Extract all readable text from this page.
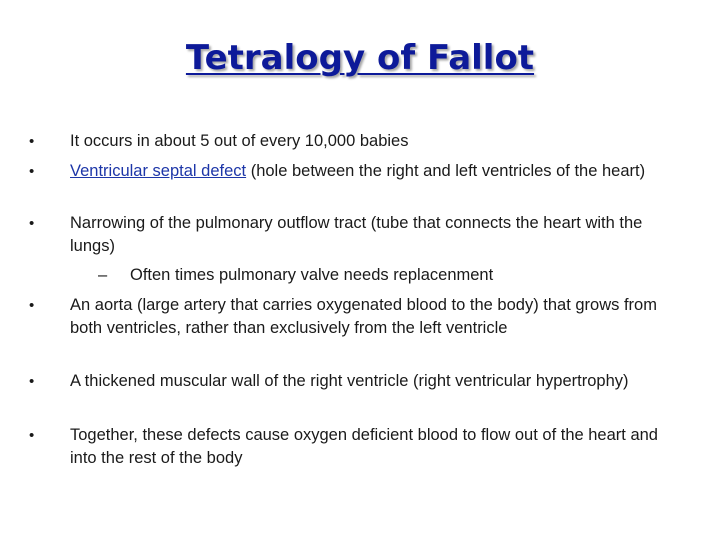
Tetralogy of Fallot
• It occurs in about 5 out of every 10,000 babies
• Ventricular septal defect (hole between the right and left ventricles of the heart)
• Narrowing of the pulmonary outflow tract (tube that connects the heart with the lungs)
– Often times pulmonary valve needs replacenment
• An aorta (large artery that carries oxygenated blood to the body) that grows from both ventricles, rather than exclusively from the left ventricle
• A thickened muscular wall of the right ventricle (right ventricular hypertrophy)
• Together, these defects cause oxygen deficient blood to flow out of the heart and into the rest of the body
